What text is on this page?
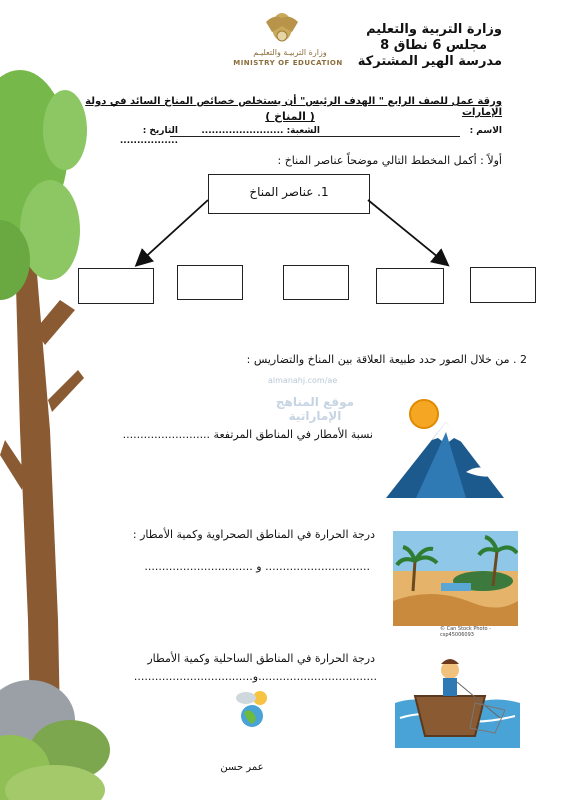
وزارة التربية والتعليم
مجلس 6 نطاق 8
مدرسة الهير المشتركة
وزارة التربيـة والتعليـم
MINISTRY OF EDUCATION
ورقة عمل للصف الرابع " الهدف الرئيس" أن يستخلص خصائص المناخ السائد في دولة الإمارات
( المناخ )
الاسم :
الشعبة: ........................
التاريخ : .................
أولاً : أكمل المخطط التالي موضحاً عناصر المناخ :
1. عناصر المناخ
2 . من خلال الصور حدد طبيعة العلاقة بين المناخ والتضاريس :
almanahj.com/ae
موقع المناهج الإماراتية
نسبة الأمطار في المناطق المرتفعة .........................
© Can Stock Photo - csp45006093
درجة الحرارة في المناطق الصحراوية وكمية الأمطار :
.............................. و ...............................
درجة الحرارة في المناطق الساحلية وكمية الأمطار
..................................و..................................
عمر حسن
